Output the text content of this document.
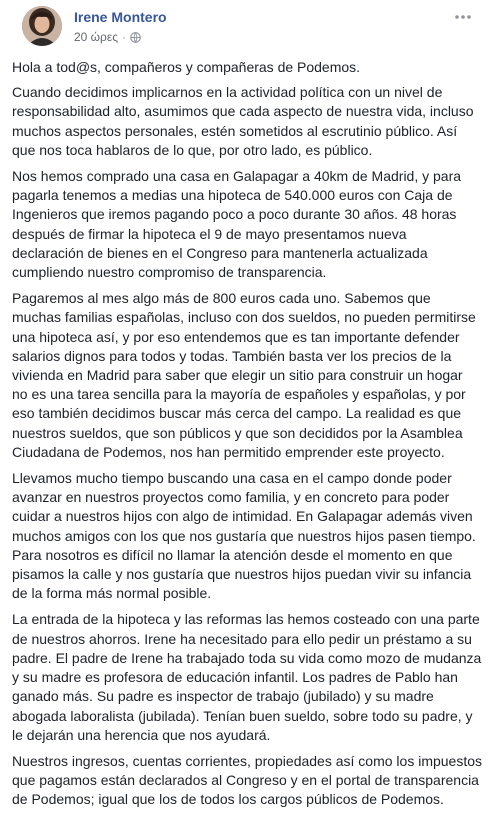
Irene Montero
20 ώρες ·

Hola a tod@s, compañeros y compañeras de Podemos.

Cuando decidimos implicarnos en la actividad política con un nivel de responsabilidad alto, asumimos que cada aspecto de nuestra vida, incluso muchos aspectos personales, estén sometidos al escrutinio público. Así que nos toca hablaros de lo que, por otro lado, es público.

Nos hemos comprado una casa en Galapagar a 40km de Madrid, y para pagarla tenemos a medias una hipoteca de 540.000 euros con Caja de Ingenieros que iremos pagando poco a poco durante 30 años. 48 horas después de firmar la hipoteca el 9 de mayo presentamos nueva declaración de bienes en el Congreso para mantenerla actualizada cumpliendo nuestro compromiso de transparencia.

Pagaremos al mes algo más de 800 euros cada uno. Sabemos que muchas familias españolas, incluso con dos sueldos, no pueden permitirse una hipoteca así, y por eso entendemos que es tan importante defender salarios dignos para todos y todas. También basta ver los precios de la vivienda en Madrid para saber que elegir un sitio para construir un hogar no es una tarea sencilla para la mayoría de españoles y españolas, y por eso también decidimos buscar más cerca del campo. La realidad es que nuestros sueldos, que son públicos y que son decididos por la Asamblea Ciudadana de Podemos, nos han permitido emprender este proyecto.

Llevamos mucho tiempo buscando una casa en el campo donde poder avanzar en nuestros proyectos como familia, y en concreto para poder cuidar a nuestros hijos con algo de intimidad. En Galapagar además viven muchos amigos con los que nos gustaría que nuestros hijos pasen tiempo. Para nosotros es difícil no llamar la atención desde el momento en que pisamos la calle y nos gustaría que nuestros hijos puedan vivir su infancia de la forma más normal posible.

La entrada de la hipoteca y las reformas las hemos costeado con una parte de nuestros ahorros. Irene ha necesitado para ello pedir un préstamo a su padre. El padre de Irene ha trabajado toda su vida como mozo de mudanza y su madre es profesora de educación infantil. Los padres de Pablo han ganado más. Su padre es inspector de trabajo (jubilado) y su madre abogada laboralista (jubilada). Tenían buen sueldo, sobre todo su padre, y le dejarán una herencia que nos ayudará.

Nuestros ingresos, cuentas corrientes, propiedades así como los impuestos que pagamos están declarados al Congreso y en el portal de transparencia de Podemos; igual que los de todos los cargos públicos de Podemos.
